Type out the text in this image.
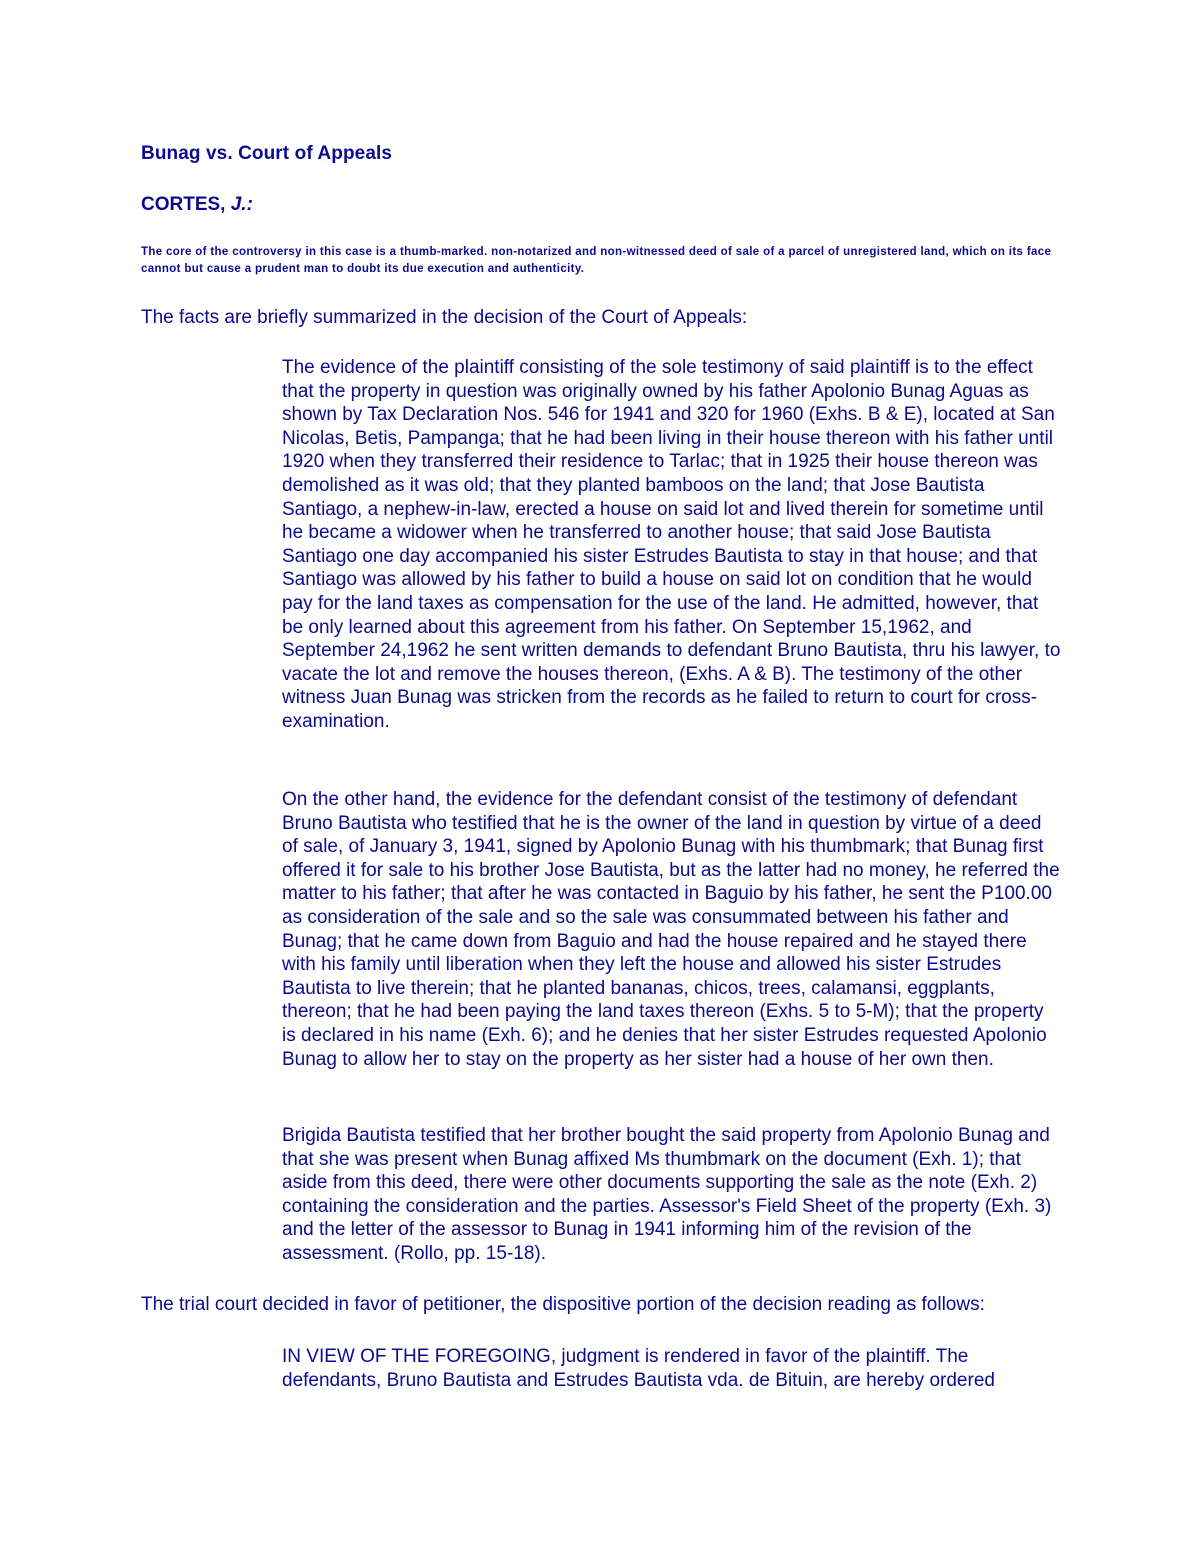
Bunag vs. Court of Appeals
CORTES, J.:

The core of the controversy in this case is a thumb-marked. non-notarized and non-witnessed deed of sale of a parcel of unregistered land, which on its face cannot but cause a prudent man to doubt its due execution and authenticity.

The facts are briefly summarized in the decision of the Court of Appeals:

The evidence of the plaintiff consisting of the sole testimony of said plaintiff is to the effect that the property in question was originally owned by his father Apolonio Bunag Aguas as shown by Tax Declaration Nos. 546 for 1941 and 320 for 1960 (Exhs. B & E), located at San Nicolas, Betis, Pampanga; that he had been living in their house thereon with his father until 1920 when they transferred their residence to Tarlac; that in 1925 their house thereon was demolished as it was old; that they planted bamboos on the land; that Jose Bautista Santiago, a nephew-in-law, erected a house on said lot and lived therein for sometime until he became a widower when he transferred to another house; that said Jose Bautista Santiago one day accompanied his sister Estrudes Bautista to stay in that house; and that Santiago was allowed by his father to build a house on said lot on condition that he would pay for the land taxes as compensation for the use of the land. He admitted, however, that be only learned about this agreement from his father. On September 15,1962, and September 24,1962 he sent written demands to defendant Bruno Bautista, thru his lawyer, to vacate the lot and remove the houses thereon, (Exhs. A & B). The testimony of the other witness Juan Bunag was stricken from the records as he failed to return to court for cross-examination.

On the other hand, the evidence for the defendant consist of the testimony of defendant Bruno Bautista who testified that he is the owner of the land in question by virtue of a deed of sale, of January 3, 1941, signed by Apolonio Bunag with his thumbmark; that Bunag first offered it for sale to his brother Jose Bautista, but as the latter had no money, he referred the matter to his father; that after he was contacted in Baguio by his father, he sent the P100.00 as consideration of the sale and so the sale was consummated between his father and Bunag; that he came down from Baguio and had the house repaired and he stayed there with his family until liberation when they left the house and allowed his sister Estrudes Bautista to live therein; that he planted bananas, chicos, trees, calamansi, eggplants, thereon; that he had been paying the land taxes thereon (Exhs. 5 to 5-M); that the property is declared in his name (Exh. 6); and he denies that her sister Estrudes requested Apolonio Bunag to allow her to stay on the property as her sister had a house of her own then.

Brigida Bautista testified that her brother bought the said property from Apolonio Bunag and that she was present when Bunag affixed Ms thumbmark on the document (Exh. 1); that aside from this deed, there were other documents supporting the sale as the note (Exh. 2) containing the consideration and the parties. Assessor's Field Sheet of the property (Exh. 3) and the letter of the assessor to Bunag in 1941 informing him of the revision of the assessment. (Rollo, pp. 15-18).

The trial court decided in favor of petitioner, the dispositive portion of the decision reading as follows:

IN VIEW OF THE FOREGOING, judgment is rendered in favor of the plaintiff. The defendants, Bruno Bautista and Estrudes Bautista vda. de Bituin, are hereby ordered
